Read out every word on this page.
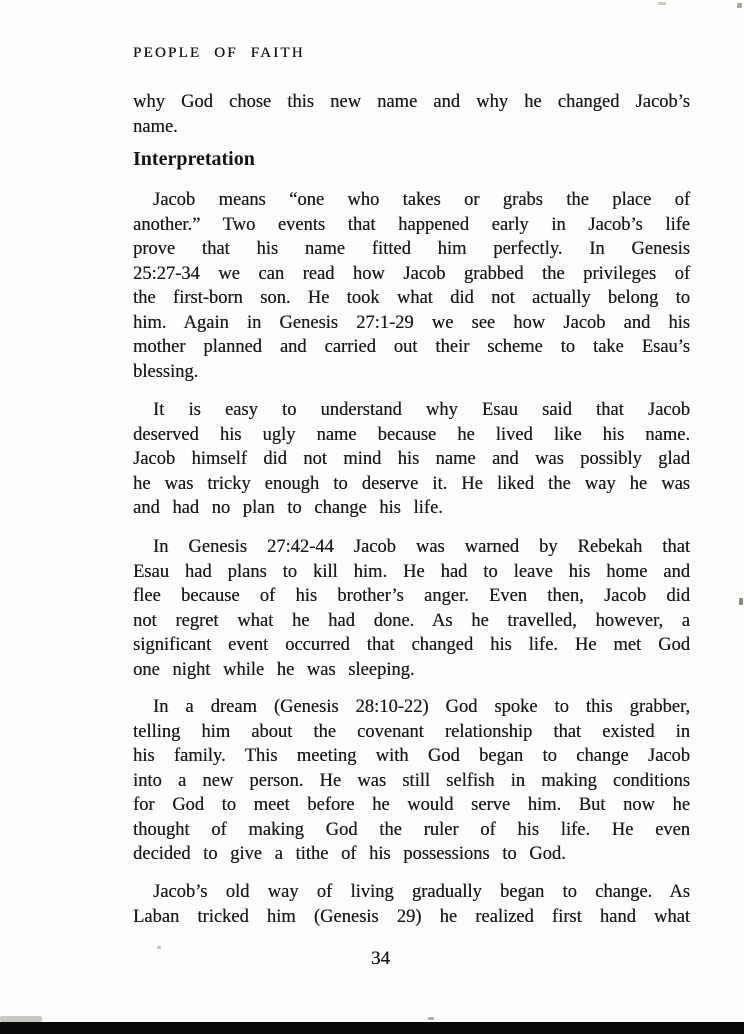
PEOPLE OF FAITH
why God chose this new name and why he changed Jacob’s
name.
Interpretation
Jacob means “one who takes or grabs the place of
another.” Two events that happened early in Jacob’s life
prove that his name fitted him perfectly. In Genesis
25:27-34 we can read how Jacob grabbed the privileges of
the first-born son. He took what did not actually belong to
him. Again in Genesis 27:1-29 we see how Jacob and his
mother planned and carried out their scheme to take Esau’s
blessing.
It is easy to understand why Esau said that Jacob
deserved his ugly name because he lived like his name.
Jacob himself did not mind his name and was possibly glad
he was tricky enough to deserve it. He liked the way he was
and had no plan to change his life.
In Genesis 27:42-44 Jacob was warned by Rebekah that
Esau had plans to kill him. He had to leave his home and
flee because of his brother’s anger. Even then, Jacob did
not regret what he had done. As he travelled, however, a
significant event occurred that changed his life. He met God
one night while he was sleeping.
In a dream (Genesis 28:10-22) God spoke to this grabber,
telling him about the covenant relationship that existed in
his family. This meeting with God began to change Jacob
into a new person. He was still selfish in making conditions
for God to meet before he would serve him. But now he
thought of making God the ruler of his life. He even
decided to give a tithe of his possessions to God.
Jacob’s old way of living gradually began to change. As
Laban tricked him (Genesis 29) he realized first hand what
34
